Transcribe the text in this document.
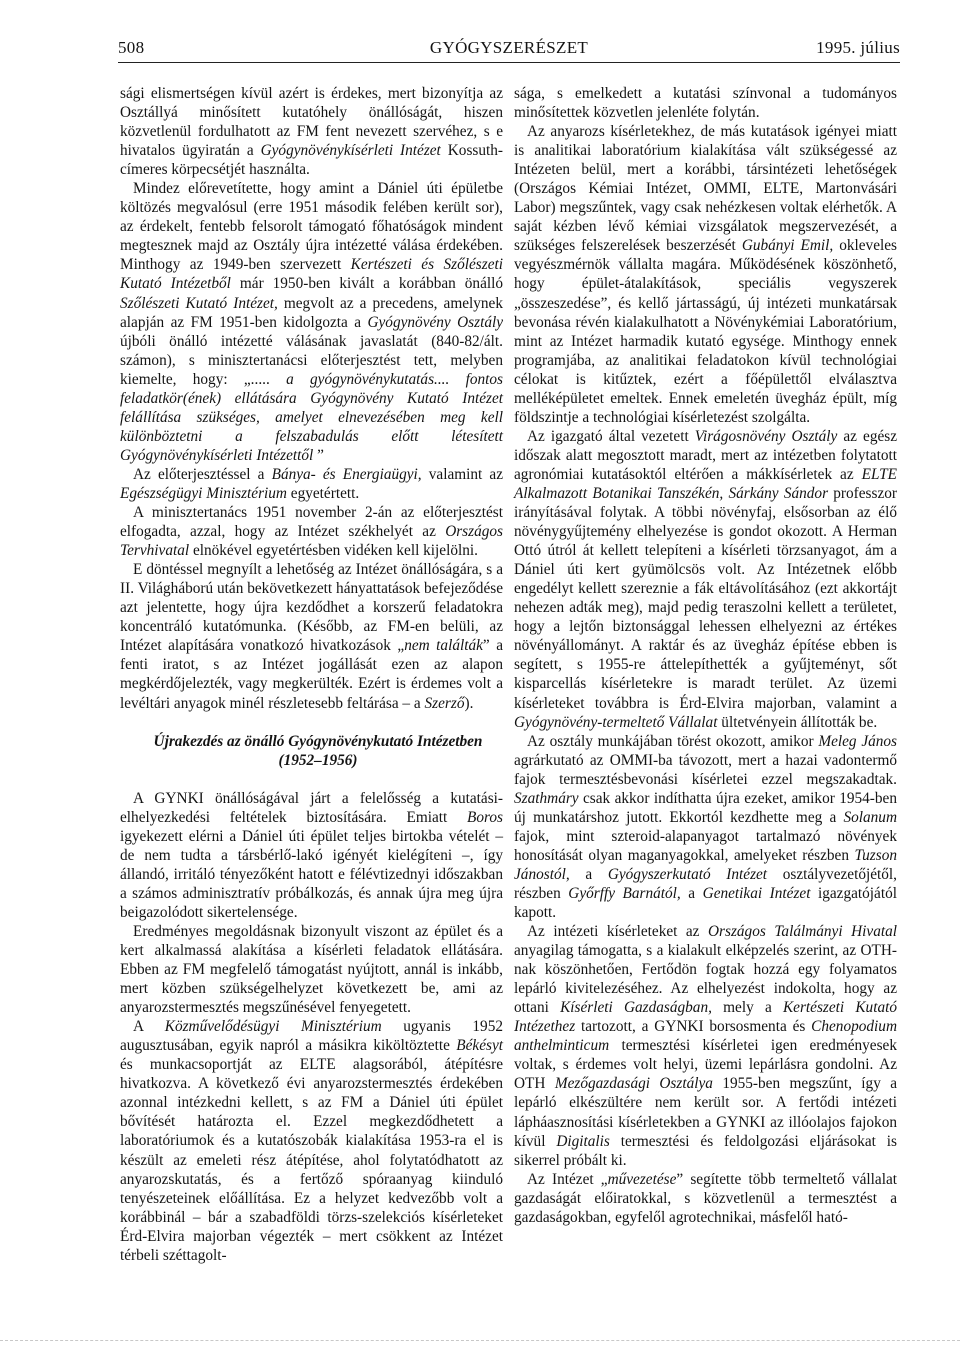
508	GYÓGYSZERÉSZET	1995. július

sági elismertségen kívül azért is érdekes, mert bizonyítja az Osztállyá minősített kutatóhely önállóságát, hiszen közvetlenül fordulhatott az FM fent nevezett szervéhez, s e hivatalos ügyiratán a Gyógynövénykísérleti Intézet Kossuth-címeres körpecsétjét használta.

Mindez előrevetítette, hogy amint a Dániel úti épületbe költözés megvalósul (erre 1951 második felében került sor), az érdekelt, fentebb felsorolt támogató főhatóságok mindent megtesznek majd az Osztály újra intézetté válása érdekében. Minthogy az 1949-ben szervezett Kertészeti és Szőlészeti Kutató Intézetből már 1950-ben kivált a korábban önálló Szőlészeti Kutató Intézet, megvolt az a precedens, amelynek alapján az FM 1951-ben kidolgozta a Gyógynövény Osztály újbóli önálló intézetté válásának javaslatát (840-82/ált. számon), s minisztertanácsi előterjesztést tett, melyben kiemelte, hogy: „..... a gyógynövénykutatás.... fontos feladatkör(ének) ellátására Gyógynövény Kutató Intézet felállítása szükséges, amelyet elnevezésében meg kell különböztetni a felszabadulás előtt létesített Gyógynövénykísérleti Intézettől ”

Az előterjesztéssel a Bánya- és Energiaügyi, valamint az Egészségügyi Minisztérium egyetértett.

A minisztertanács 1951 november 2-án az előterjesztést elfogadta, azzal, hogy az Intézet székhelyét az Országos Tervhivatal elnökével egyetértésben vidéken kell kijelölni.

E döntéssel megnyílt a lehetőség az Intézet önállóságára, s a II. Világháború után bekövetkezett hányattatások befejeződése azt jelentette, hogy újra kezdődhet a korszerű feladatokra koncentráló kutatómunka. (Később, az FM-en belüli, az Intézet alapítására vonatkozó hivatkozások „nem találták” a fenti iratot, s az Intézet jogállását ezen az alapon megkérdőjelezték, vagy megkerülték. Ezért is érdemes volt a levéltári anyagok minél részletesebb feltárása – a Szerző).

Újrakezdés az önálló Gyógynövénykutató Intézetben

(1952–1956)

A GYNKI önállóságával járt a felelősség a kutatási-elhelyezkedési feltételek biztosítására. Emiatt Boros igyekezett elérni a Dániel úti épület teljes birtokba vételét – de nem tudta a társbérlő-lakó igényét kielégíteni –, így állandó, irritáló tényezőként hatott e félévtizednyi időszakban a számos adminisztratív próbálkozás, és annak újra meg újra beigazolódott sikertelensége.

Eredményes megoldásnak bizonyult viszont az épület és a kert alkalmassá alakítása a kísérleti feladatok ellátására. Ebben az FM megfelelő támogatást nyújtott, annál is inkább, mert közben szükségelhelyzet következett be, ami az anyarozstermesztés megszűnésével fenyegetett.

A Közművelődésügyi Minisztérium ugyanis 1952 augusztusában, egyik napról a másikra kiköltöztette Békésyt és munkacsoportját az ELTE alagsorából, átépítésre hivatkozva. A következő évi anyarozstermesztés érdekében azonnal intézkedni kellett, s az FM a Dániel úti épület bővítését határozta el. Ezzel megkezdődhetett a laboratóriumok és a kutatószobák kialakítása 1953-ra el is készült az emeleti rész átépítése, ahol folytatódhatott az anyarozskutatás, és a fertőző spóraanyag kiinduló tenyészeteinek előállítása. Ez a helyzet kedvezőbb volt a korábbinál – bár a szabadföldi törzs-szelekciós kísérleteket Érd-Elvira majorban végezték – mert csökkent az Intézet térbeli széttagolt-

sága, s emelkedett a kutatási színvonal a tudományos minősítettek közvetlen jelenléte folytán.

Az anyarozs kísérletekhez, de más kutatások igényei miatt is analitikai laboratórium kialakítása vált szükségessé az Intézeten belül, mert a korábbi, társintézeti lehetőségek (Országos Kémiai Intézet, OMMI, ELTE, Martonvásári Labor) megszűntek, vagy csak nehézkesen voltak elérhetők. A saját kézben lévő kémiai vizsgálatok megszervezését, a szükséges felszerelések beszerzését Gubányi Emil, okleveles vegyészmérnök vállalta magára. Működésének köszönhető, hogy épület-átalakítások, speciális vegyszerek „összeszedése”, és kellő jártasságú, új intézeti munkatársak bevonása révén kialakulhatott a Növénykémiai Laboratórium, mint az Intézet harmadik kutató egysége. Minthogy ennek programjába, az analitikai feladatokon kívül technológiai célokat is kitűztek, ezért a főépülettől elválasztva melléképületet emeltek. Ennek emeletén üvegház épült, míg földszintje a technológiai kísérletezést szolgálta.

Az igazgató által vezetett Virágosnövény Osztály az egész időszak alatt megosztott maradt, mert az intézetben folytatott agronómiai kutatásoktól eltérően a mákkísérletek az ELTE Alkalmazott Botanikai Tanszékén, Sárkány Sándor professzor irányításával folytak. A többi növényfaj, elsősorban az élő növénygyűjtemény elhelyezése is gondot okozott. A Herman Ottó útról át kellett telepíteni a kísérleti törzsanyagot, ám a Dániel úti kert gyümölcsös volt. Az Intézetnek előbb engedélyt kellett szereznie a fák eltávolításához (ezt akkortájt nehezen adták meg), majd pedig teraszolni kellett a területet, hogy a lejtőn biztonsággal lehessen elhelyezni az értékes növényállományt. A raktár és az üvegház építése ebben is segített, s 1955-re áttelepíthették a gyűjteményt, sőt kisparcellás kísérletekre is maradt terület. Az üzemi kísérleteket továbbra is Érd-Elvira majorban, valamint a Gyógynövény-termeltető Vállalat ültetvényein állították be.

Az osztály munkájában törést okozott, amikor Meleg János agrárkutató az OMMI-ba távozott, mert a hazai vadontermő fajok termesztésbevonási kísérletei ezzel megszakadtak. Szathmáry csak akkor indíthatta újra ezeket, amikor 1954-ben új munkatárshoz jutott. Ekkortól kezdhette meg a Solanum fajok, mint szteroid-alapanyagot tartalmazó növények honosítását olyan maganyagokkal, amelyeket részben Tuzson Jánostól, a Gyógyszerkutató Intézet osztályvezetőjétől, részben Győrffy Barnától, a Genetikai Intézet igazgatójától kapott.

Az intézeti kísérleteket az Országos Találmányi Hivatal anyagilag támogatta, s a kialakult elképzelés szerint, az OTH-nak köszönhetően, Fertődön fogtak hozzá egy folyamatos lepárló kivitelezéséhez. Az elhelyezést indokolta, hogy az ottani Kísérleti Gazdaságban, mely a Kertészeti Kutató Intézethez tartozott, a GYNKI borsosmenta és Chenopodium anthelminticum termesztési kísérletei igen eredményesek voltak, s érdemes volt helyi, üzemi lepárlásra gondolni. Az OTH Mezőgazdasági Osztálya 1955-ben megszűnt, így a lepárló elkészültére nem került sor. A fertődi intézeti lápháasznosítási kísérletekben a GYNKI az illóolajos fajokon kívül Digitalis termesztési és feldolgozási eljárásokat is sikerrel próbált ki.

Az Intézet „művezetése” segítette több termeltető vállalat gazdaságát előiratokkal, s közvetlenül a termesztést a gazdaságokban, egyfelől agrotechnikai, másfelől ható-
